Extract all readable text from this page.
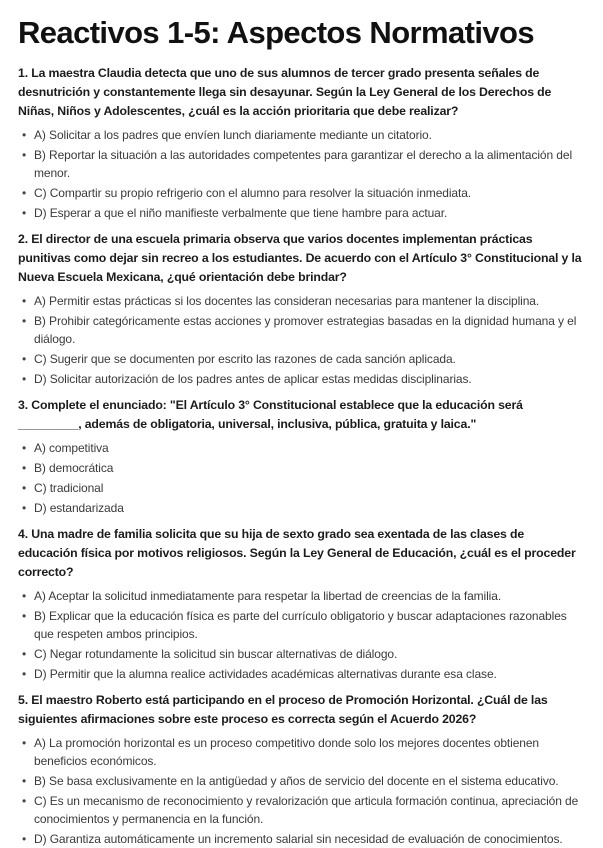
Reactivos 1-5: Aspectos Normativos

1. La maestra Claudia detecta que uno de sus alumnos de tercer grado presenta señales de desnutrición y constantemente llega sin desayunar. Según la Ley General de los Derechos de Niñas, Niños y Adolescentes, ¿cuál es la acción prioritaria que debe realizar?

• A) Solicitar a los padres que envíen lunch diariamente mediante un citatorio.
• B) Reportar la situación a las autoridades competentes para garantizar el derecho a la alimentación del menor.
• C) Compartir su propio refrigerio con el alumno para resolver la situación inmediata.
• D) Esperar a que el niño manifieste verbalmente que tiene hambre para actuar.

2. El director de una escuela primaria observa que varios docentes implementan prácticas punitivas como dejar sin recreo a los estudiantes. De acuerdo con el Artículo 3° Constitucional y la Nueva Escuela Mexicana, ¿qué orientación debe brindar?

• A) Permitir estas prácticas si los docentes las consideran necesarias para mantener la disciplina.
• B) Prohibir categóricamente estas acciones y promover estrategias basadas en la dignidad humana y el diálogo.
• C) Sugerir que se documenten por escrito las razones de cada sanción aplicada.
• D) Solicitar autorización de los padres antes de aplicar estas medidas disciplinarias.

3. Complete el enunciado: "El Artículo 3° Constitucional establece que la educación será _________, además de obligatoria, universal, inclusiva, pública, gratuita y laica."

• A) competitiva
• B) democrática
• C) tradicional
• D) estandarizada

4. Una madre de familia solicita que su hija de sexto grado sea exentada de las clases de educación física por motivos religiosos. Según la Ley General de Educación, ¿cuál es el proceder correcto?

• A) Aceptar la solicitud inmediatamente para respetar la libertad de creencias de la familia.
• B) Explicar que la educación física es parte del currículo obligatorio y buscar adaptaciones razonables que respeten ambos principios.
• C) Negar rotundamente la solicitud sin buscar alternativas de diálogo.
• D) Permitir que la alumna realice actividades académicas alternativas durante esa clase.

5. El maestro Roberto está participando en el proceso de Promoción Horizontal. ¿Cuál de las siguientes afirmaciones sobre este proceso es correcta según el Acuerdo 2026?

• A) La promoción horizontal es un proceso competitivo donde solo los mejores docentes obtienen beneficios económicos.
• B) Se basa exclusivamente en la antigüedad y años de servicio del docente en el sistema educativo.
• C) Es un mecanismo de reconocimiento y revalorización que articula formación continua, apreciación de conocimientos y permanencia en la función.
• D) Garantiza automáticamente un incremento salarial sin necesidad de evaluación de conocimientos.
